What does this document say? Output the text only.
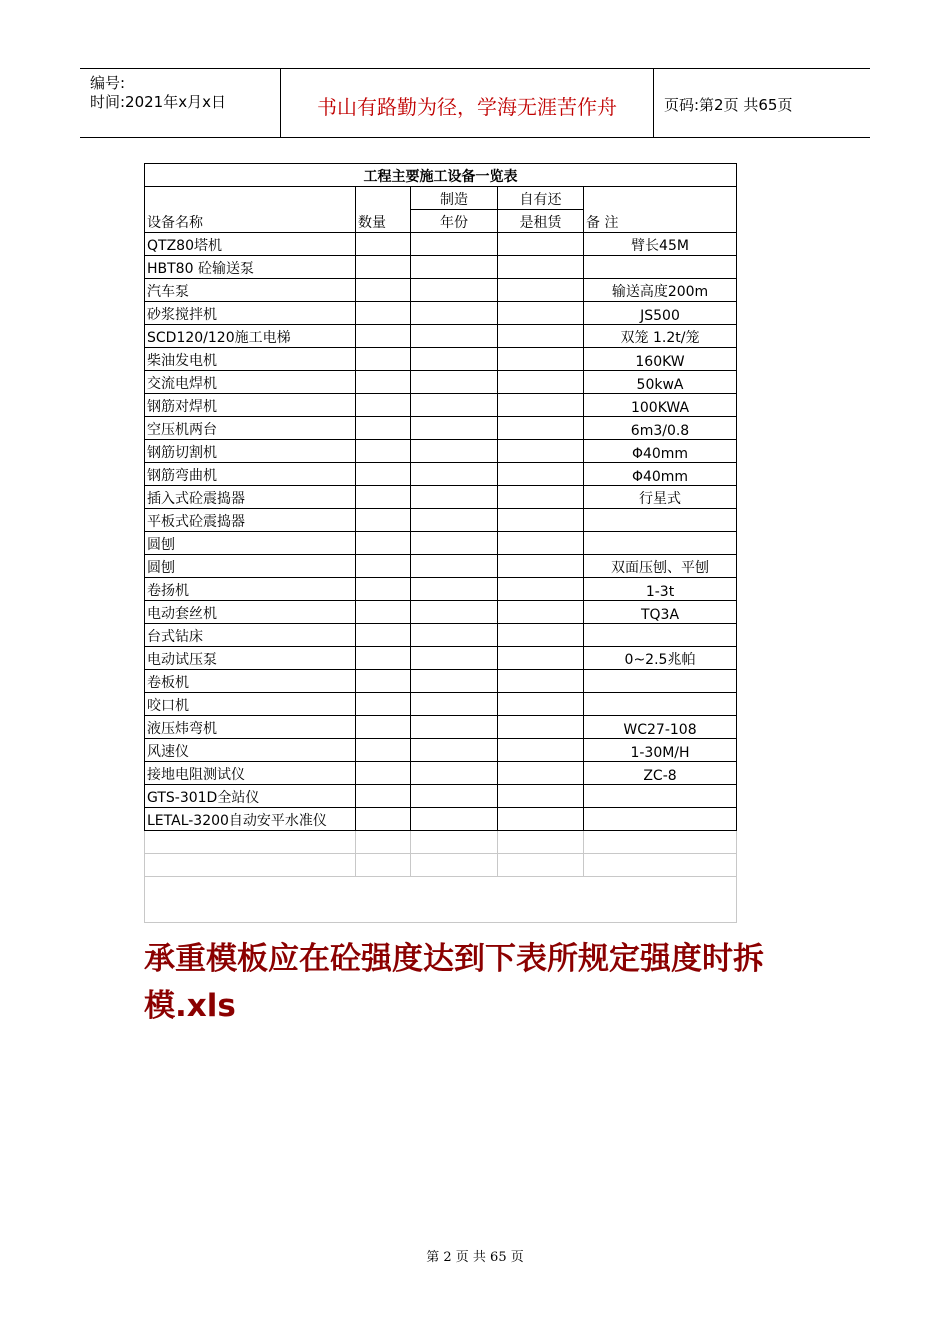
编号:
时间:2021年x月x日	书山有路勤为径，学海无涯苦作舟	页码:第2页 共65页
工程主要施工设备一览表				
设备名称	数量	制造	自有还	备 注
		年份	是租赁	
QTZ80塔机				臂长45M
HBT80 砼输送泵				
汽车泵				输送高度200m
砂浆搅拌机				JS500
SCD120/120施工电梯				双笼 1.2t/笼
柴油发电机				160KW
交流电焊机				50kwA
钢筋对焊机				100KWA
空压机两台				6m3/0.8
钢筋切割机				Φ40mm
钢筋弯曲机				Φ40mm
插入式砼震捣器				行星式
平板式砼震捣器				
圆刨				
圆刨				双面压刨、平刨
卷扬机				1-3t
电动套丝机				TQ3A
台式钻床				
电动试压泵				0~2.5兆帕
卷板机				
咬口机				
液压炜弯机				WC27-108
风速仪				1-30M/H
接地电阻测试仪				ZC-8
GTS-301D全站仪				
LETAL-3200自动安平水准仪				

承重模板应在砼强度达到下表所规定强度时拆模.xls
第 2 页 共 65 页
